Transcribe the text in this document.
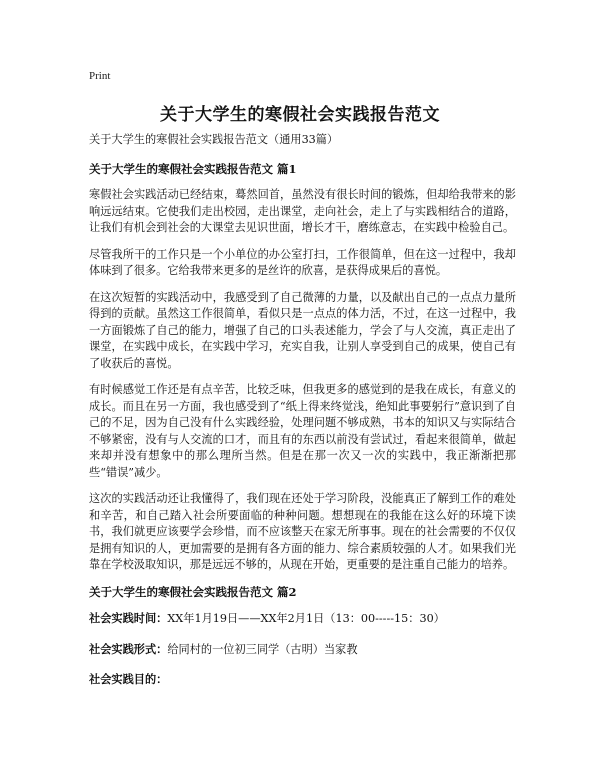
Print
关于大学生的寒假社会实践报告范文
关于大学生的寒假社会实践报告范文（通用33篇）
关于大学生的寒假社会实践报告范文 篇1

寒假社会实践活动已经结束，蓦然回首，虽然没有很长时间的锻炼，但却给我带来的影响远远结束。它使我们走出校园，走出课堂，走向社会，走上了与实践相结合的道路，让我们有机会到社会的大课堂去见识世面，增长才干，磨练意志，在实践中检验自己。

尽管我所干的工作只是一个小单位的办公室打扫，工作很简单，但在这一过程中，我却体味到了很多。它给我带来更多的是丝许的欣喜，是获得成果后的喜悦。

在这次短暂的实践活动中，我感受到了自己微薄的力量，以及献出自己的一点点力量所得到的贡献。虽然这工作很简单，看似只是一点点的体力活，不过，在这一过程中，我一方面锻炼了自己的能力，增强了自己的口头表述能力，学会了与人交流，真正走出了课堂，在实践中成长，在实践中学习，充实自我，让别人享受到自己的成果，使自己有了收获后的喜悦。

有时候感觉工作还是有点辛苦，比较乏味，但我更多的感觉到的是我在成长，有意义的成长。而且在另一方面，我也感受到了“纸上得来终觉浅，绝知此事要躬行”意识到了自己的不足，因为自己没有什么实践经验，处理问题不够成熟，书本的知识又与实际结合不够紧密，没有与人交流的口才，而且有的东西以前没有尝试过，看起来很简单，做起来却并没有想象中的那么理所当然。但是在那一次又一次的实践中，我正渐渐把那些“错误”减少。

这次的实践活动还让我懂得了，我们现在还处于学习阶段，没能真正了解到工作的难处和辛苦，和自己踏入社会所要面临的种种问题。想想现在的我能在这么好的环境下读书，我们就更应该要学会珍惜，而不应该整天在家无所事事。现在的社会需要的不仅仅是拥有知识的人，更加需要的是拥有各方面的能力、综合素质较强的人才。如果我们光靠在学校汲取知识，那是远远不够的，从现在开始，更重要的是注重自己能力的培养。

关于大学生的寒假社会实践报告范文 篇2
社会实践时间：XX年1月19日——XX年2月1日（13：00-----15：30）
社会实践形式：给同村的一位初三同学（古明）当家教
社会实践目的：
